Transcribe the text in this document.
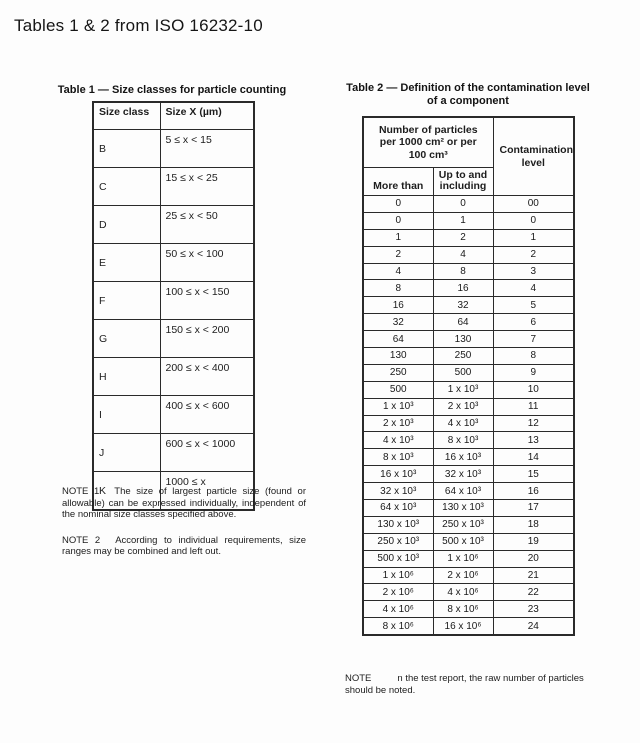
Tables 1 & 2 from ISO 16232-10
Table 1 — Size classes for particle counting
Size class	Size X (µm)
B	5 ≤ x < 15
C	15 ≤ x < 25
D	25 ≤ x < 50
E	50 ≤ x < 100
F	100 ≤ x < 150
G	150 ≤ x < 200
H	200 ≤ x < 400
I	400 ≤ x < 600
J	600 ≤ x < 1000
K	1000 ≤ x

NOTE 1 The size of largest particle size (found or allowable) can be expressed individually, independent of the nominal size classes specified above.

NOTE 2 According to individual requirements, size ranges may be combined and left out.

Table 2 — Definition of the contamination level
of a component
Number of particles per 1000 cm² or per 100 cm³		Contamination level
More than	Up to and including	
0	0	00
0	1	0
1	2	1
2	4	2
4	8	3
8	16	4
16	32	5
32	64	6
64	130	7
130	250	8
250	500	9
500	1 x 10³	10
1 x 10³	2 x 10³	11
2 x 10³	4 x 10³	12
4 x 10³	8 x 10³	13
8 x 10³	16 x 10³	14
16 x 10³	32 x 10³	15
32 x 10³	64 x 10³	16
64 x 10³	130 x 10³	17
130 x 10³	250 x 10³	18
250 x 10³	500 x 10³	19
500 x 10³	1 x 10⁶	20
1 x 10⁶	2 x 10⁶	21
2 x 10⁶	4 x 10⁶	22
4 x 10⁶	8 x 10⁶	23
8 x 10⁶	16 x 10⁶	24

NOTE	n the test report, the raw number of particles should be noted.
